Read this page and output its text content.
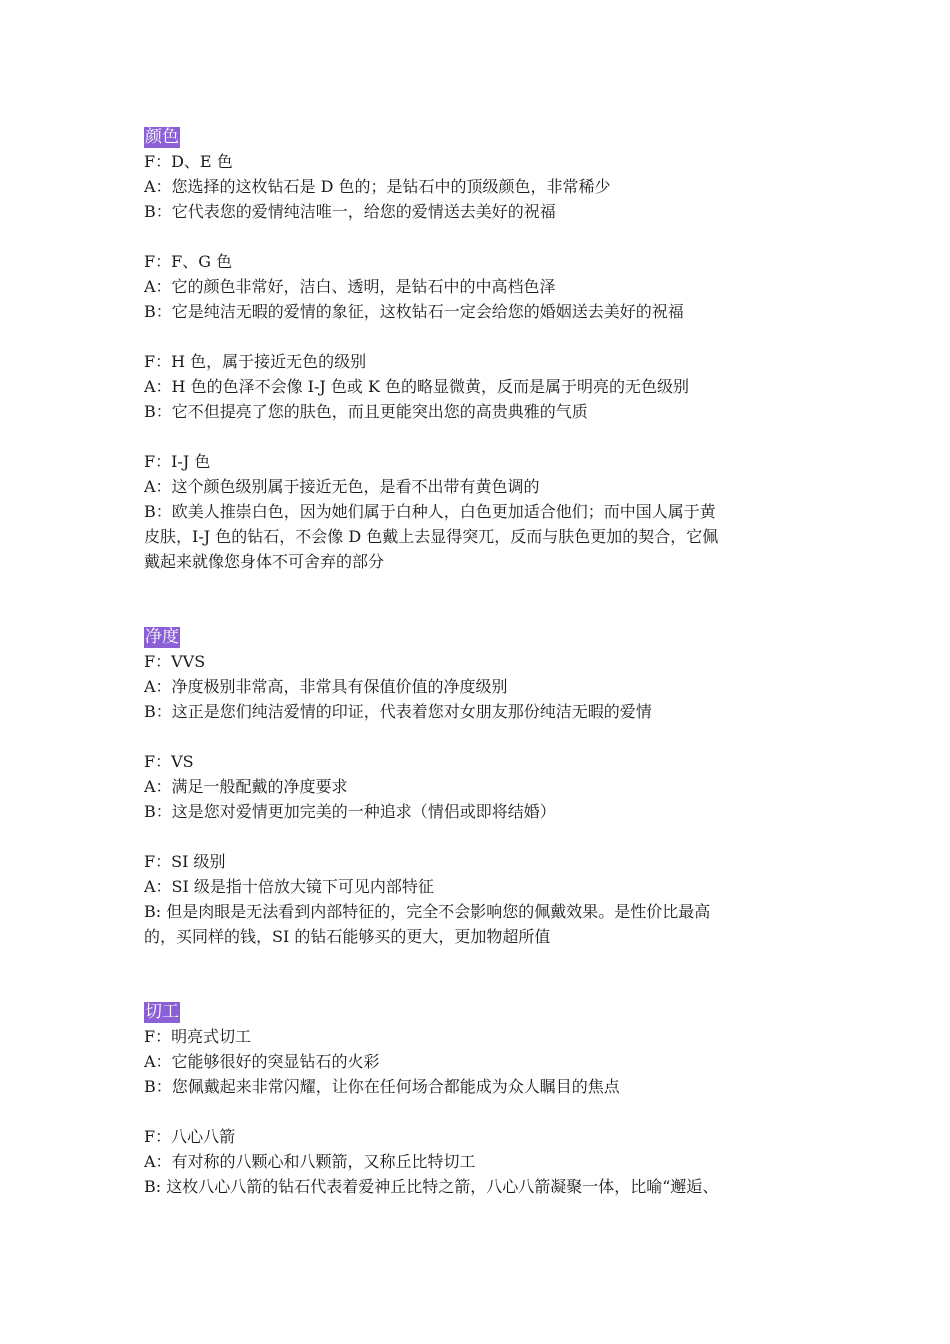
颜色
F：D、E 色
A：您选择的这枚钻石是 D 色的；是钻石中的顶级颜色，非常稀少
B：它代表您的爱情纯洁唯一，给您的爱情送去美好的祝福
F：F、G 色
A：它的颜色非常好，洁白、透明，是钻石中的中高档色泽
B：它是纯洁无暇的爱情的象征，这枚钻石一定会给您的婚姻送去美好的祝福
F：H 色，属于接近无色的级别
A：H 色的色泽不会像 I-J 色或 K 色的略显微黄，反而是属于明亮的无色级别
B：它不但提亮了您的肤色，而且更能突出您的高贵典雅的气质
F：I-J 色
A：这个颜色级别属于接近无色，是看不出带有黄色调的
B：欧美人推崇白色，因为她们属于白种人，白色更加适合他们；而中国人属于黄
皮肤，I-J 色的钻石，不会像 D 色戴上去显得突兀，反而与肤色更加的契合，它佩
戴起来就像您身体不可舍弃的部分
净度
F：VVS
A：净度极别非常高，非常具有保值价值的净度级别
B：这正是您们纯洁爱情的印证，代表着您对女朋友那份纯洁无暇的爱情
F：VS
A：满足一般配戴的净度要求
B：这是您对爱情更加完美的一种追求（情侣或即将结婚）
F：SI 级别
A：SI 级是指十倍放大镜下可见内部特征
B: 但是肉眼是无法看到内部特征的，完全不会影响您的佩戴效果。是性价比最高
的，买同样的钱，SI 的钻石能够买的更大，更加物超所值
切工
F：明亮式切工
A：它能够很好的突显钻石的火彩
B：您佩戴起来非常闪耀，让你在任何场合都能成为众人瞩目的焦点
F：八心八箭
A：有对称的八颗心和八颗箭，又称丘比特切工
B: 这枚八心八箭的钻石代表着爱神丘比特之箭，八心八箭凝聚一体，比喻“邂逅、
